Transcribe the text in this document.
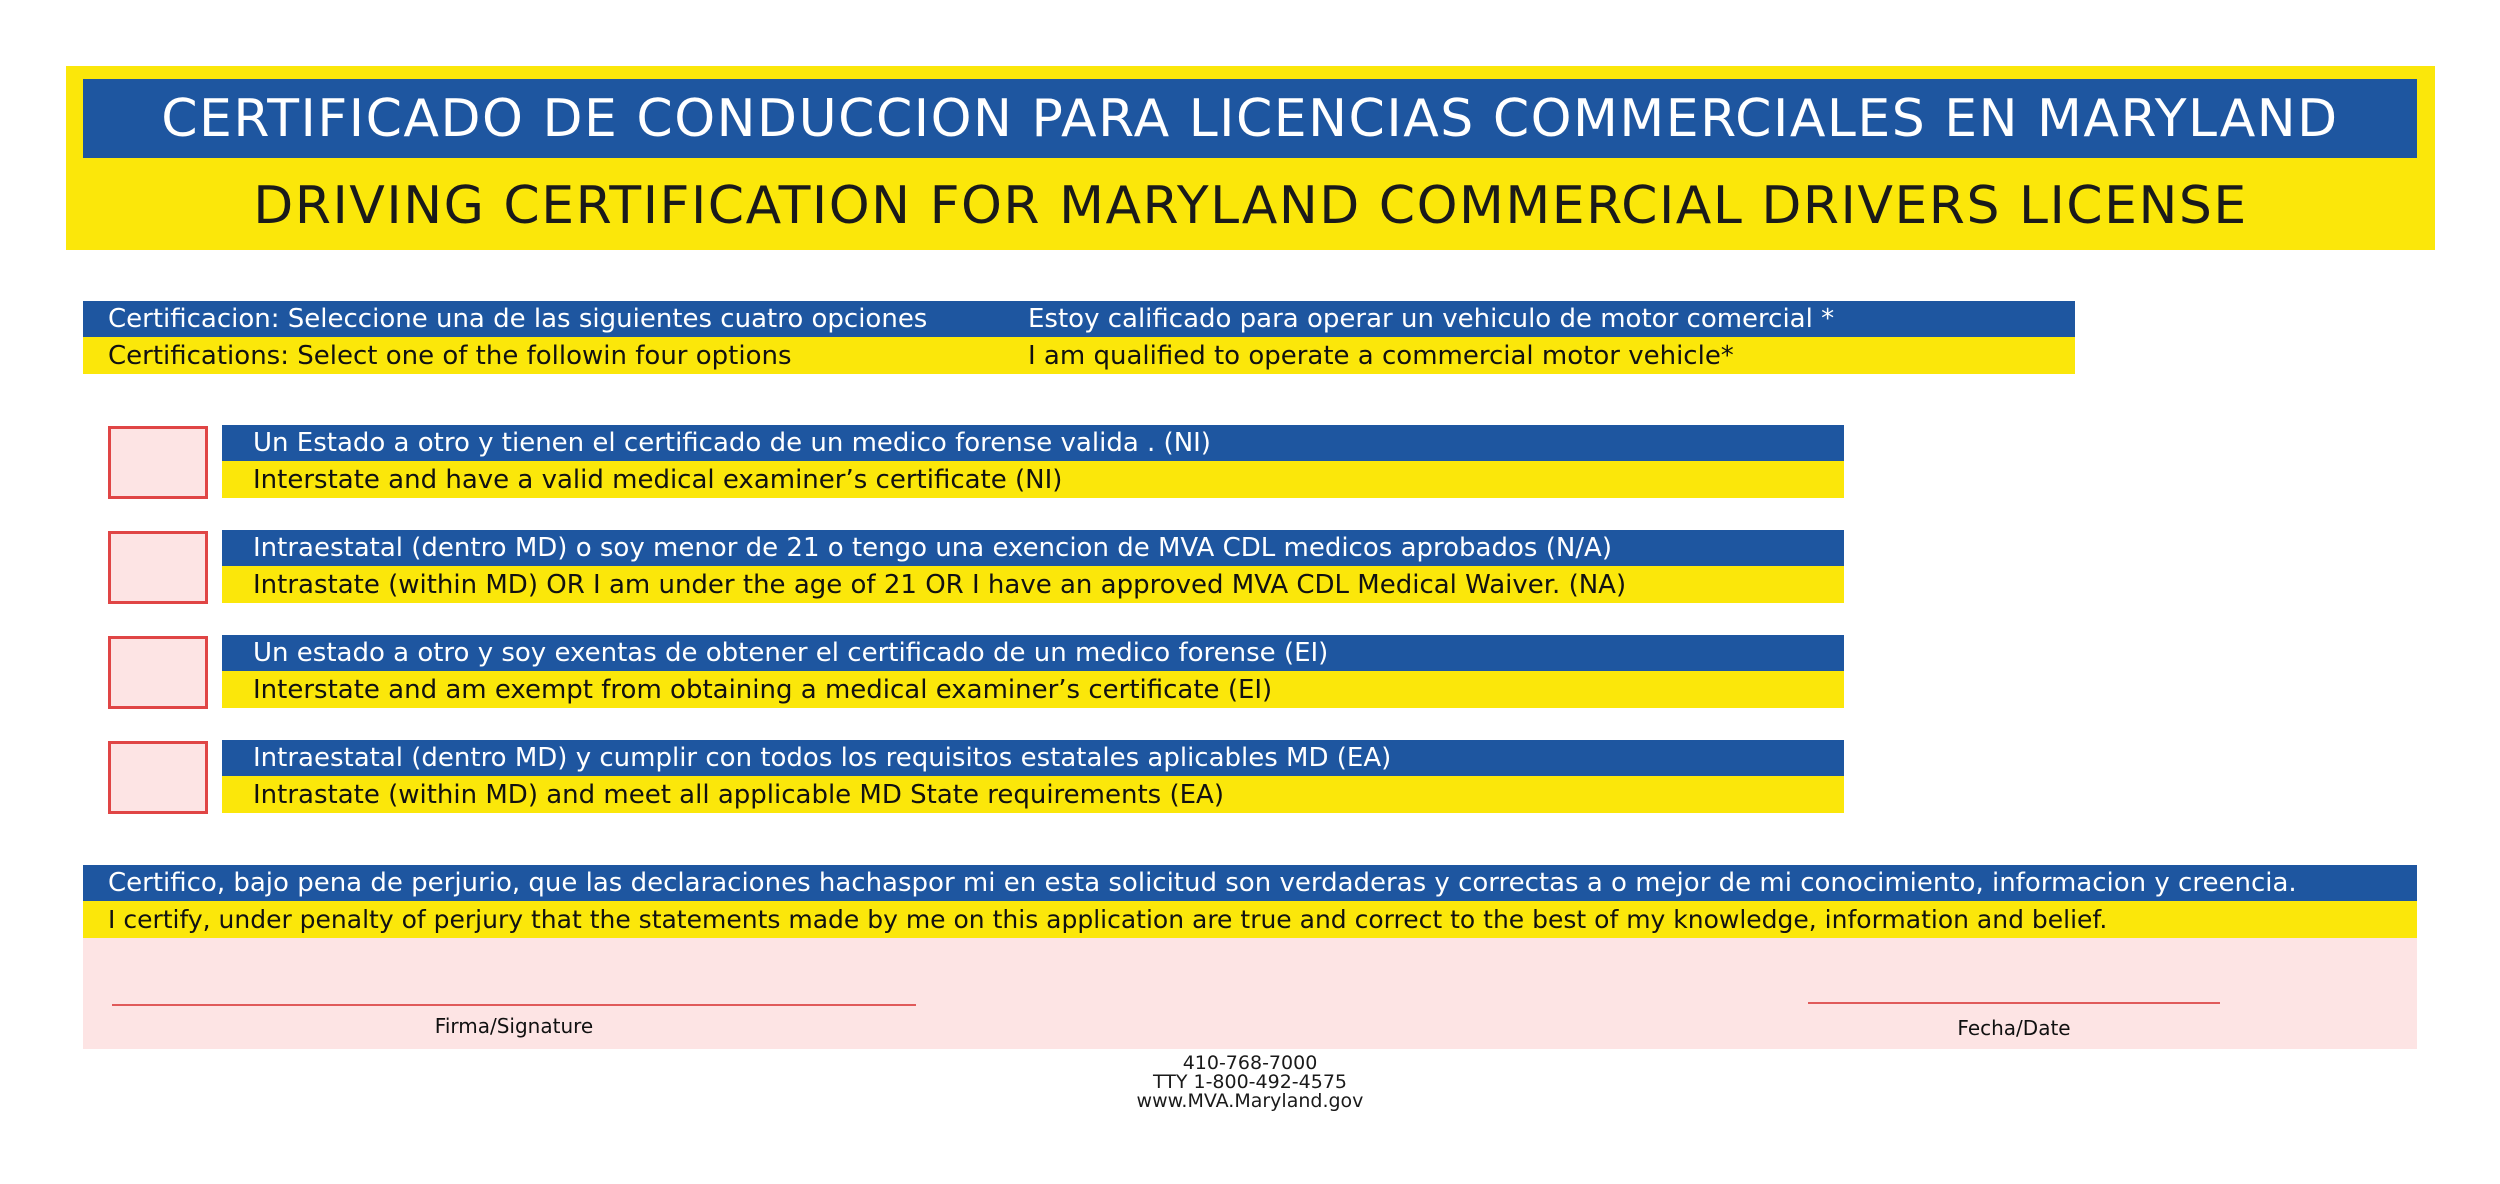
CERTIFICADO DE CONDUCCION PARA LICENCIAS COMMERCIALES EN MARYLAND
DRIVING CERTIFICATION FOR MARYLAND COMMERCIAL DRIVERS LICENSE
Certificacion: Seleccione una de las siguientes cuatro opciones	Estoy calificado para operar un vehiculo de motor comercial *
Certifications: Select one of the followin four options	I am qualified to operate a commercial motor vehicle*
Un Estado a otro y tienen el certificado de un medico forense valida . (NI)
Interstate and have a valid medical examiner’s certificate (NI)
Intraestatal (dentro MD) o soy menor de 21 o tengo una exencion de MVA CDL medicos aprobados (N/A)
Intrastate (within MD) OR I am under the age of 21 OR I have an approved MVA CDL Medical Waiver. (NA)
Un estado a otro y soy exentas de obtener el certificado de un medico forense (EI)
Interstate and am exempt from obtaining a medical examiner’s certificate (EI)
Intraestatal (dentro MD) y cumplir con todos los requisitos estatales aplicables MD (EA)
Intrastate (within MD) and meet all applicable MD State requirements (EA)
Certifico, bajo pena de perjurio, que las declaraciones hachaspor mi en esta solicitud son verdaderas y correctas a o mejor de mi conocimiento, informacion y creencia.
I certify, under penalty of perjury that the statements made by me on this application are true and correct to the best of my knowledge, information and belief.
Firma/Signature	Fecha/Date
410-768-7000
TTY 1-800-492-4575
www.MVA.Maryland.gov
